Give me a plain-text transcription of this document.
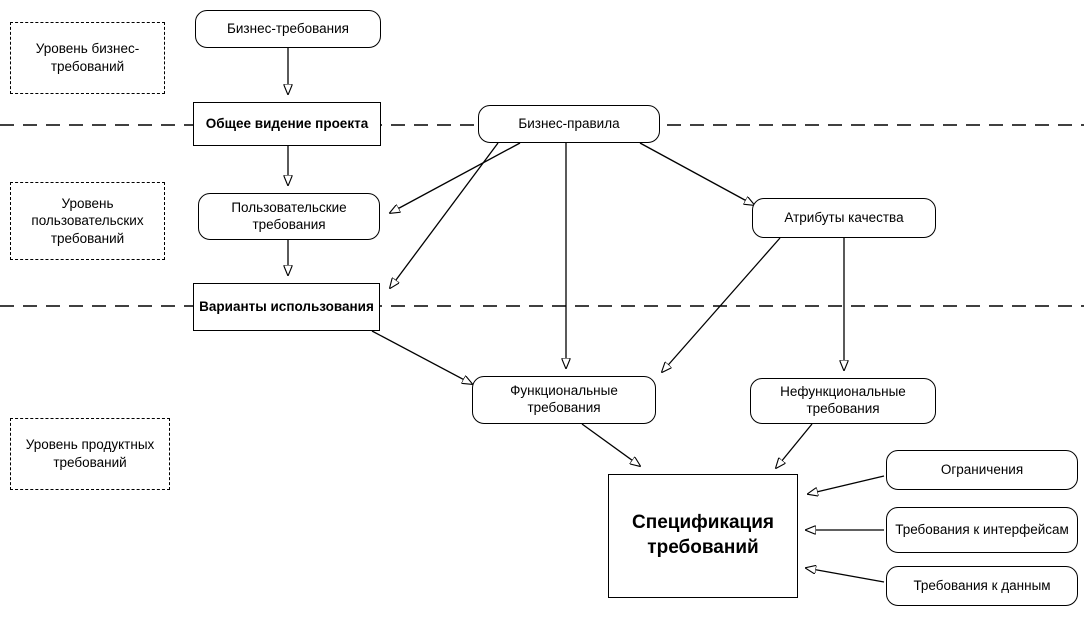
Уровень бизнес-требований
Уровень пользовательских требований
Уровень продуктных требований
Бизнес-требования
Общее видение проекта	Бизнес-правила
Пользовательские требования	Атрибуты качества
Варианты использования
Функциональные требования
Нефункциональные требования
Спецификация требований
Ограничения
Требования к интерфейсам
Требования к данным
